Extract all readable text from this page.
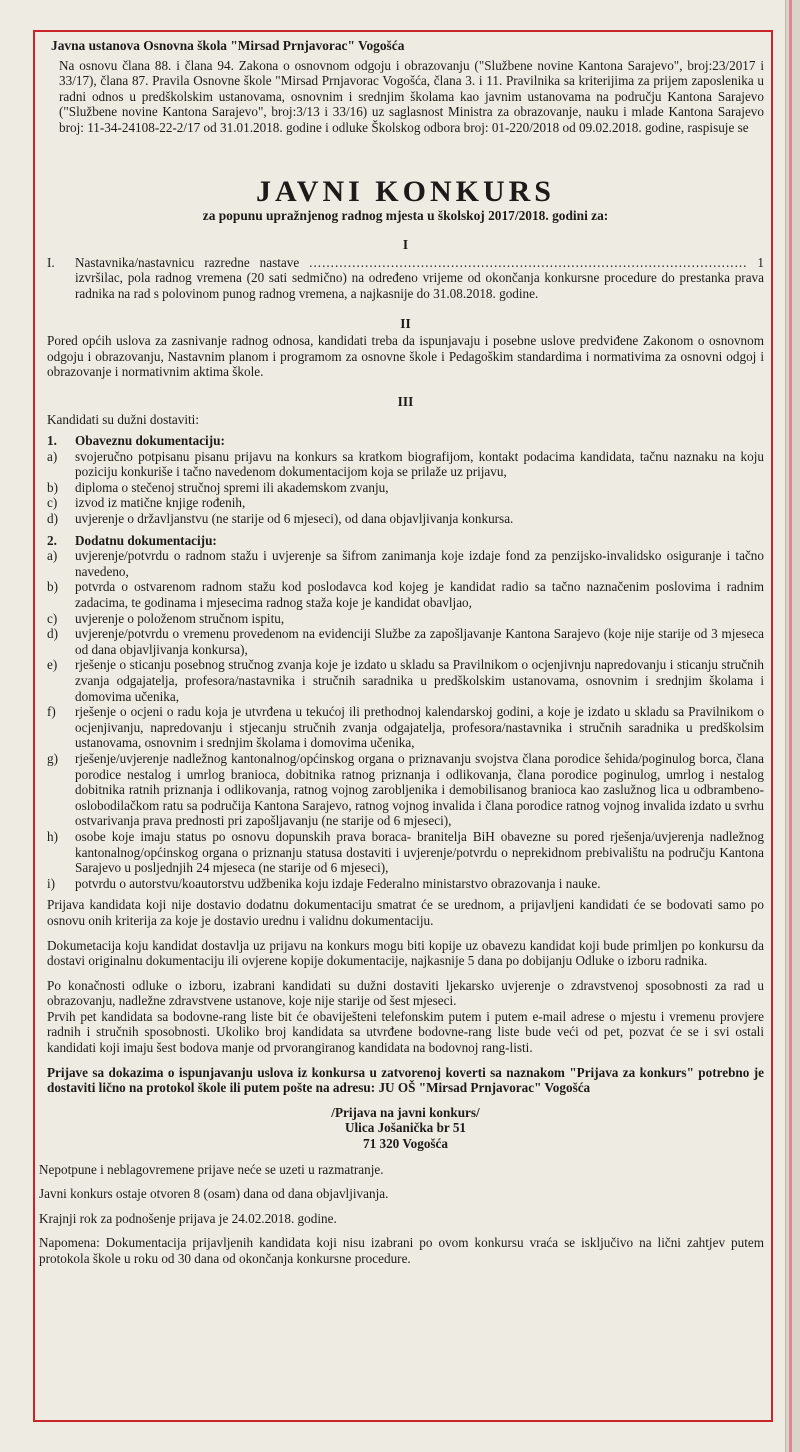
Javna ustanova Osnovna škola "Mirsad Prnjavorac" Vogošća
Na osnovu člana 88. i člana 94. Zakona o osnovnom odgoju i obrazovanju ("Službene novine Kantona Sarajevo", broj:23/2017 i 33/17), člana 87. Pravila Osnovne škole "Mirsad Prnjavorac Vogošća, člana 3. i 11. Pravilnika sa kriterijima za prijem zaposlenika u radni odnos u predškolskim ustanovama, osnovnim i srednjim školama kao javnim ustanovama na području Kantona Sarajevo ("Službene novine Kantona Sarajevo", broj:3/13 i 33/16) uz saglasnost Ministra za obrazovanje, nauku i mlade Kantona Sarajevo broj: 11-34-24108-22-2/17 od 31.01.2018. godine i odluke Školskog odbora broj: 01-220/2018 od 09.02.2018. godine, raspisuje se
JAVNI KONKURS
za popunu upražnjenog radnog mjesta u školskoj 2017/2018. godini za:
I
I.	Nastavnika/nastavnicu razredne nastave ...................................................................................................... 1 izvršilac, pola radnog vremena (20 sati sedmično) na određeno vrijeme od okončanja konkursne procedure do prestanka prava radnika na rad s polovinom punog radnog vremena, a najkasnije do 31.08.2018. godine.
II
Pored općih uslova za zasnivanje radnog odnosa, kandidati treba da ispunjavaju i posebne uslove predviđene Zakonom o osnovnom odgoju i obrazovanju, Nastavnim planom i programom za osnovne škole i Pedagoškim standardima i normativima za osnovni odgoj i obrazovanje i normativnim aktima škole.
III
Kandidati su dužni dostaviti:
1.	Obaveznu dokumentaciju:
a)	svojeručno potpisanu pisanu prijavu na konkurs sa kratkom biografijom, kontakt podacima kandidata, tačnu naznaku na koju poziciju konkuriše i tačno navedenom dokumentacijom koja se prilaže uz prijavu,
b)	diploma o stečenoj stručnoj spremi ili akademskom zvanju,
c)	izvod iz matične knjige rođenih,
d)	uvjerenje o državljanstvu (ne starije od 6 mjeseci), od dana objavljivanja konkursa.
2.	Dodatnu dokumentaciju:
a)	uvjerenje/potvrdu o radnom stažu i uvjerenje sa šifrom zanimanja koje izdaje fond za penzijsko-invalidsko osiguranje i tačno navedeno,
b)	potvrda o ostvarenom radnom stažu kod poslodavca kod kojeg je kandidat radio sa tačno naznačenim poslovima i radnim zadacima, te godinama i mjesecima radnog staža koje je kandidat obavljao,
c)	uvjerenje o položenom stručnom ispitu,
d)	uvjerenje/potvrdu o vremenu provedenom na evidenciji Službe za zapošljavanje Kantona Sarajevo (koje nije starije od 3 mjeseca od dana objavljivanja konkursa),
e)	rješenje o sticanju posebnog stručnog zvanja koje je izdato u skladu sa Pravilnikom o ocjenjivnju napredovanju i sticanju stručnih zvanja odgajatelja, profesora/nastavnika i stručnih saradnika u predškolskim ustanovama, osnovnim i srednjim školama i domovima učenika,
f)	rješenje o ocjeni o radu koja je utvrđena u tekućoj ili prethodnoj kalendarskoj godini, a koje je izdato u skladu sa Pravilnikom o ocjenjivanju, napredovanju i stjecanju stručnih zvanja odgajatelja, profesora/nastavnika i stručnih saradnika u predškolsim ustanovama, osnovnim i srednjim školama i domovima učenika,
g)	rješenje/uvjerenje nadležnog kantonalnog/općinskog organa o priznavanju svojstva člana porodice šehida/poginulog borca, člana porodice nestalog i umrlog branioca, dobitnika ratnog priznanja i odlikovanja, člana porodice poginulog, umrlog i nestalog dobitnika ratnih priznanja i odlikovanja, ratnog vojnog zarobljenika i demobilisanog branioca kao zaslužnog lica u odbrambeno- oslobodilačkom ratu sa područija Kantona Sarajevo, ratnog vojnog invalida i člana porodice ratnog vojnog invalida izdato u svrhu ostvarivanja prava prednosti pri zapošljavanju (ne starije od 6 mjeseci),
h)	osobe koje imaju status po osnovu dopunskih prava boraca- branitelja BiH obavezne su pored rješenja/uvjerenja nadležnog kantonalnog/općinskog organa o priznanju statusa dostaviti i uvjerenje/potvrdu o neprekidnom prebivalištu na području Kantona Sarajevo u posljednjih 24 mjeseca (ne starije od 6 mjeseci),
i)	potvrdu o autorstvu/koautorstvu udžbenika koju izdaje Federalno ministarstvo obrazovanja i nauke.

Prijava kandidata koji nije dostavio dodatnu dokumentaciju smatrat će se urednom, a prijavljeni kandidati će se bodovati samo po osnovu onih kriterija za koje je dostavio urednu i validnu dokumentaciju.

Dokumetacija koju kandidat dostavlja uz prijavu na konkurs mogu biti kopije uz obavezu kandidat koji bude primljen po konkursu da dostavi originalnu dokumentaciju ili ovjerene kopije dokumentacije, najkasnije 5 dana po dobijanju Odluke o izboru radnika.

Po konačnosti odluke o izboru, izabrani kandidati su dužni dostaviti ljekarsko uvjerenje o zdravstvenoj sposobnosti za rad u obrazovanju, nadležne zdravstvene ustanove, koje nije starije od šest mjeseci.

Prvih pet kandidata sa bodovne-rang liste bit će obaviješteni telefonskim putem i putem e-mail adrese o mjestu i vremenu provjere radnih i stručnih sposobnosti. Ukoliko broj kandidata sa utvrđene bodovne-rang liste bude veći od pet, pozvat će se i svi ostali kandidati koji imaju šest bodova manje od prvorangiranog kandidata na bodovnoj rang-listi.

Prijave sa dokazima o ispunjavanju uslova iz konkursa u zatvorenoj koverti sa naznakom "Prijava za konkurs" potrebno je dostaviti lično na protokol škole ili putem pošte na adresu: JU OŠ "Mirsad Prnjavorac" Vogošća

/Prijava na javni konkurs/
Ulica Jošanička br 51
71 320 Vogošća

Nepotpune i neblagovremene prijave neće se uzeti u razmatranje.

Javni konkurs ostaje otvoren 8 (osam) dana od dana objavljivanja.

Krajnji rok za podnošenje prijava je 24.02.2018. godine.

Napomena: Dokumentacija prijavljenih kandidata koji nisu izabrani po ovom konkursu vraća se isključivo na lični zahtjev putem protokola škole u roku od 30 dana od okončanja konkursne procedure.
